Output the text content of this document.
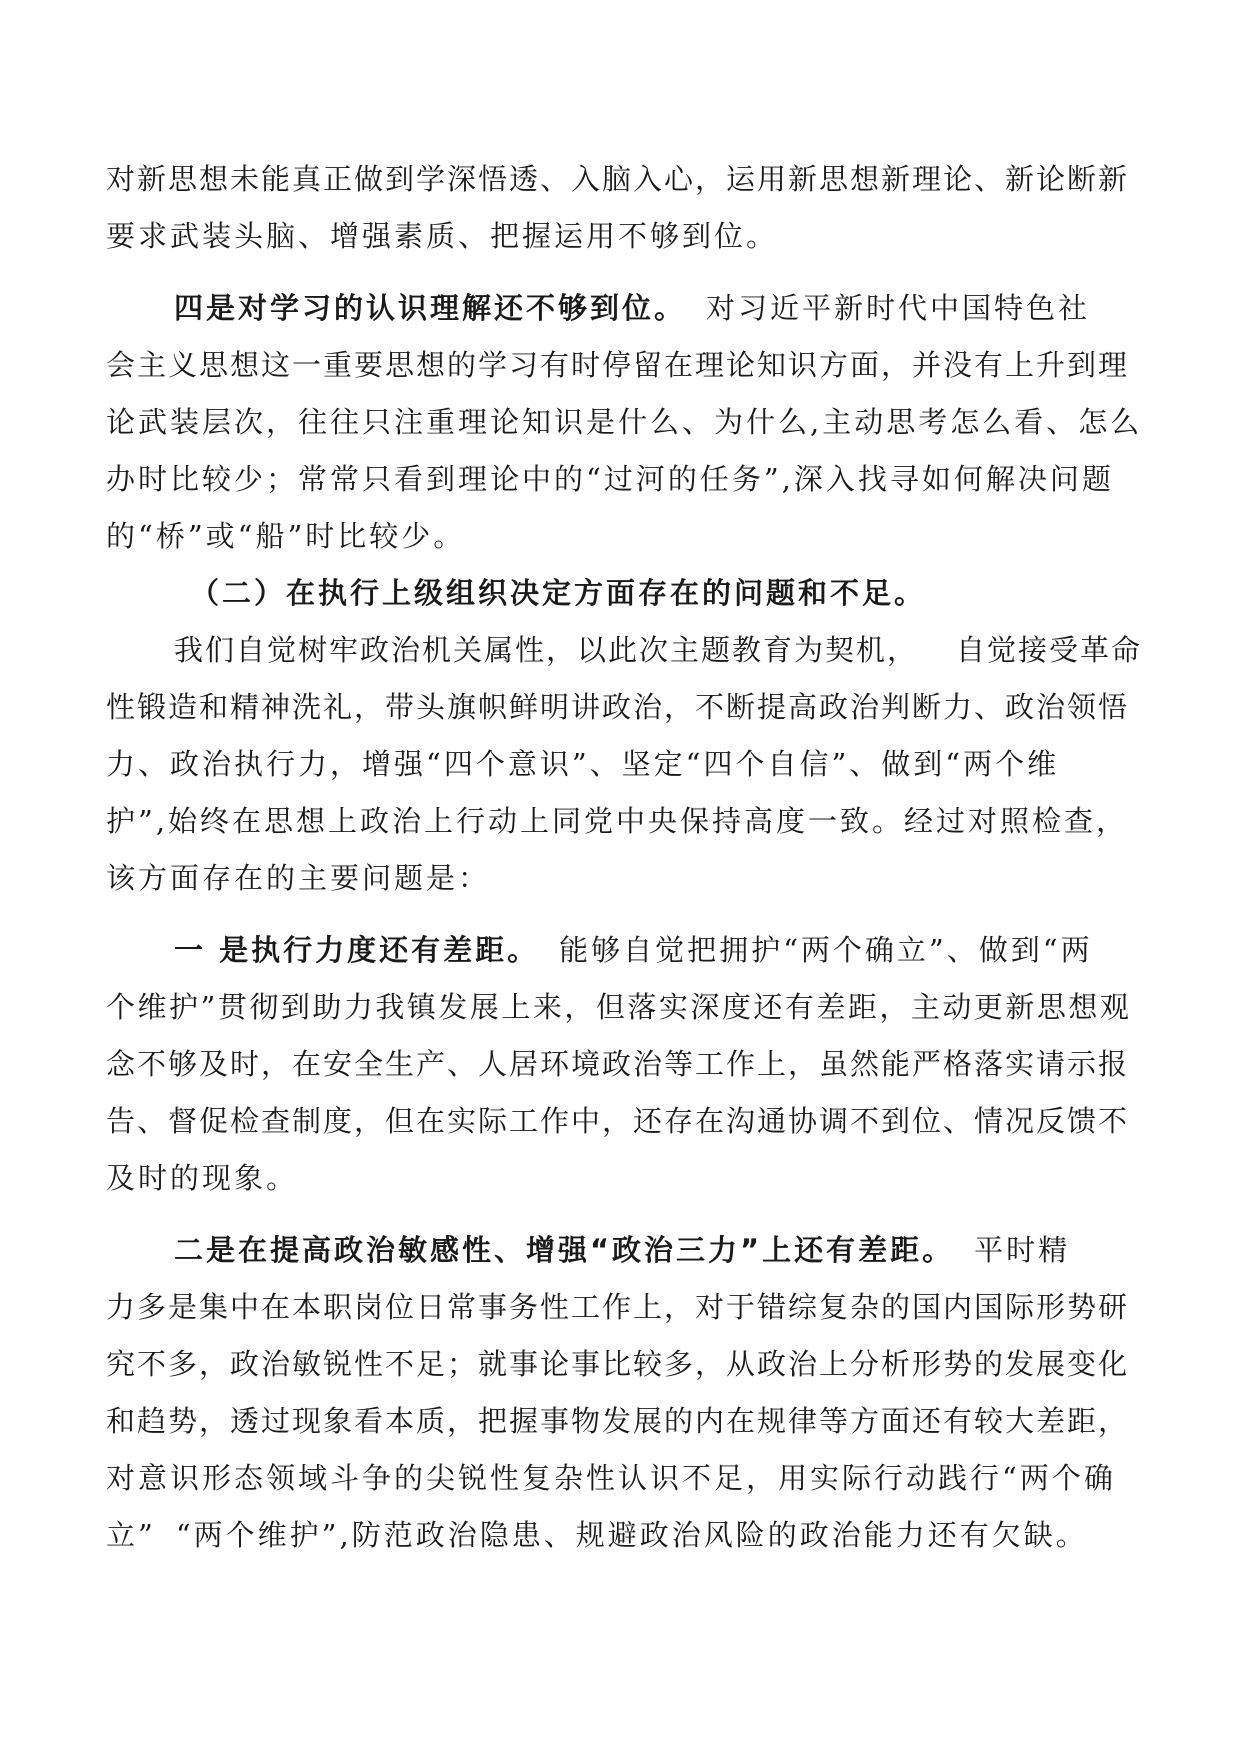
对新思想未能真正做到学深悟透、入脑入心，运用新思想新理论、新论断新
要求武装头脑、增强素质、把握运用不够到位。
四是对学习的认识理解还不够到位。 对习近平新时代中国特色社
会主义思想这一重要思想的学习有时停留在理论知识方面，并没有上升到理
论武装层次，往往只注重理论知识是什么、为什么,主动思考怎么看、怎么
办时比较少；常常只看到理论中的“过河的任务”,深入找寻如何解决问题
的“桥”或“船”时比较少。
（二）在执行上级组织决定方面存在的问题和不足。
我们自觉树牢政治机关属性，以此次主题教育为契机， 自觉接受革命
性锻造和精神洗礼，带头旗帜鲜明讲政治，不断提高政治判断力、政治领悟
力、政治执行力，增强“四个意识”、坚定“四个自信”、做到“两个维
护”,始终在思想上政治上行动上同党中央保持高度一致。经过对照检查，
该方面存在的主要问题是：
一 是执行力度还有差距。 能够自觉把拥护“两个确立”、做到“两
个维护”贯彻到助力我镇发展上来，但落实深度还有差距，主动更新思想观
念不够及时，在安全生产、人居环境政治等工作上，虽然能严格落实请示报
告、督促检查制度，但在实际工作中，还存在沟通协调不到位、情况反馈不
及时的现象。
二是在提高政治敏感性、增强“政治三力”上还有差距。 平时精
力多是集中在本职岗位日常事务性工作上，对于错综复杂的国内国际形势研
究不多，政治敏锐性不足；就事论事比较多，从政治上分析形势的发展变化
和趋势，透过现象看本质，把握事物发展的内在规律等方面还有较大差距，
对意识形态领域斗争的尖锐性复杂性认识不足，用实际行动践行“两个确
立” “两个维护”,防范政治隐患、规避政治风险的政治能力还有欠缺。
